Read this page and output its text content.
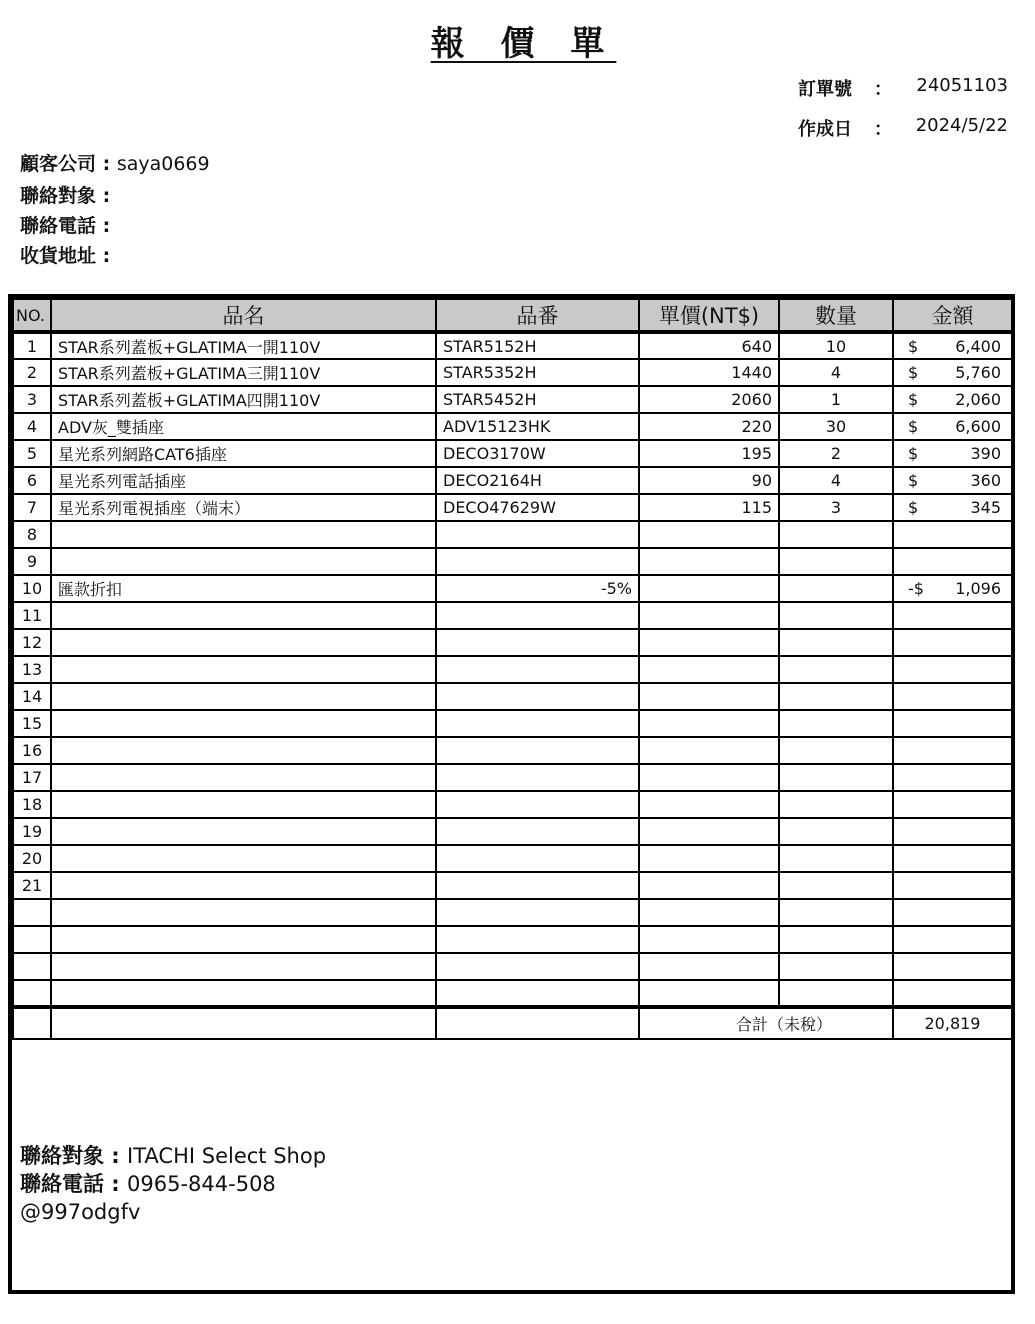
報 價 單
訂單號 ： 24051103
作成日 ： 2024/5/22
顧客公司 : saya0669
聯絡對象 :
聯絡電話 :
收貨地址 :
NO.	品名	品番	單價(NT$)	數量	金額
1	STAR系列蓋板+GLATIMA一開110V	STAR5152H	640	10	$ 6,400
2	STAR系列蓋板+GLATIMA三開110V	STAR5352H	1440	4	$ 5,760
3	STAR系列蓋板+GLATIMA四開110V	STAR5452H	2060	1	$ 2,060
4	ADV灰_雙插座	ADV15123HK	220	30	$ 6,600
5	星光系列網路CAT6插座	DECO3170W	195	2	$ 390
6	星光系列電話插座	DECO2164H	90	4	$ 360
7	星光系列電視插座（端末）	DECO47629W	115	3	$ 345
8					

9					

10	匯款折扣	-5%			-$ 1,096
11					

12					

13					

14					

15					

16					

17					

18					

19					

20					

21					

			合計（未稅）		20,819
聯絡對象 : ITACHI Select Shop
聯絡電話 : 0965-844-508
@997odgfv
